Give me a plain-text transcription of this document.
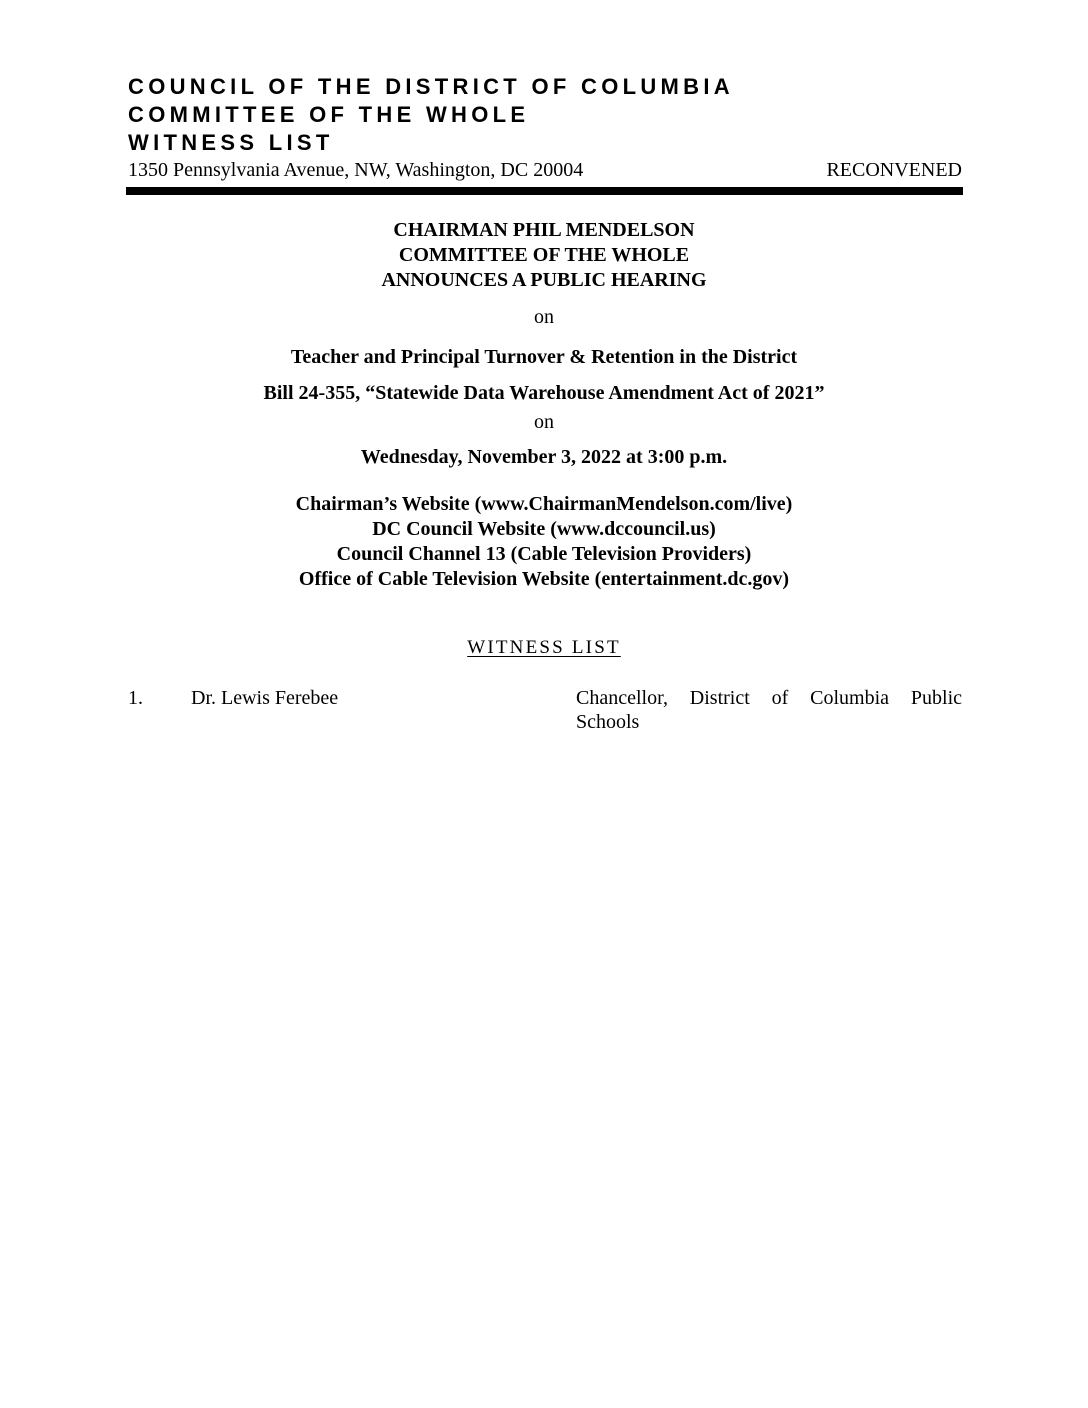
COUNCIL OF THE DISTRICT OF COLUMBIA
COMMITTEE OF THE WHOLE
WITNESS LIST
1350 Pennsylvania Avenue, NW, Washington, DC 20004	RECONVENED
CHAIRMAN PHIL MENDELSON
COMMITTEE OF THE WHOLE
ANNOUNCES A PUBLIC HEARING
on
Teacher and Principal Turnover & Retention in the District
Bill 24-355, “Statewide Data Warehouse Amendment Act of 2021”
on
Wednesday, November 3, 2022 at 3:00 p.m.
Chairman’s Website (www.ChairmanMendelson.com/live)
DC Council Website (www.dccouncil.us)
Council Channel 13 (Cable Television Providers)
Office of Cable Television Website (entertainment.dc.gov)
WITNESS LIST
1. Dr. Lewis Ferebee	Chancellor, District of Columbia Public Schools
